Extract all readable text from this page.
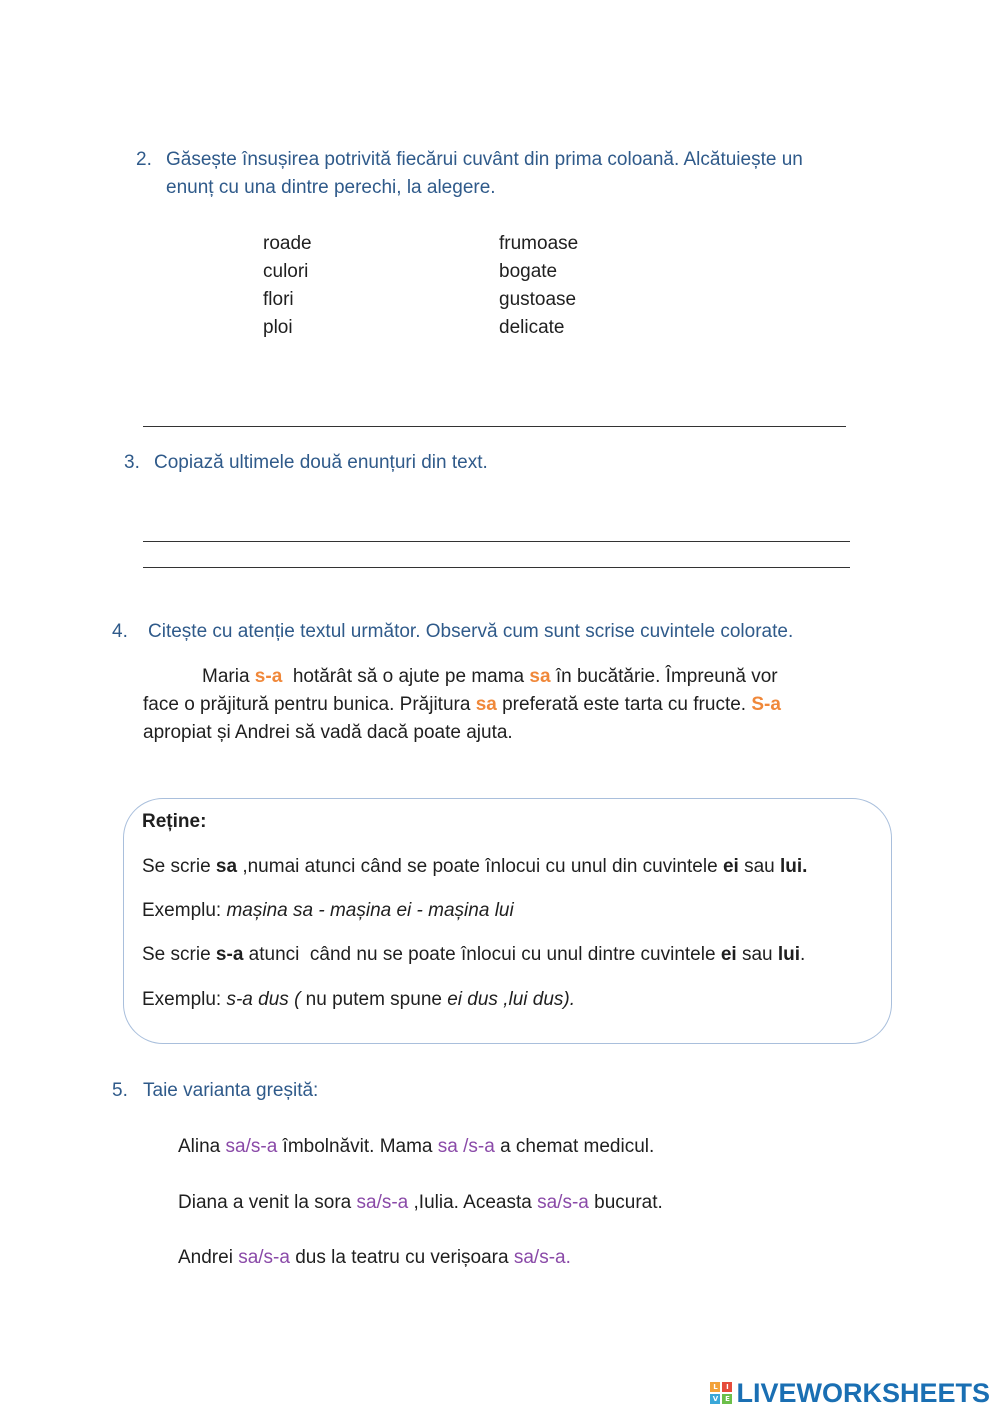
2. Găsește însușirea potrivită fiecărui cuvânt din prima coloană. Alcătuiește un
enunț cu una dintre perechi, la alegere.
roade
culori
flori
ploi
frumoase
bogate
gustoase
delicate
3. Copiază ultimele două enunțuri din text.
4. Citește cu atenție textul următor. Observă cum sunt scrise cuvintele colorate.
Maria s-a  hotărât să o ajute pe mama sa în bucătărie. Împreună vor
face o prăjitură pentru bunica. Prăjitura sa preferată este tarta cu fructe. S-a
apropiat și Andrei să vadă dacă poate ajuta.

Reține:

Se scrie sa ,numai atunci când se poate înlocui cu unul din cuvintele ei sau lui.

Exemplu: mașina sa - mașina ei - mașina lui

Se scrie s-a atunci  când nu se poate înlocui cu unul dintre cuvintele ei sau lui.

Exemplu: s-a dus ( nu putem spune ei dus ,lui dus).

5. Taie varianta greșită:
Alina sa/s-a îmbolnăvit. Mama sa /s-a a chemat medicul.
Diana a venit la sora sa/s-a ,Iulia. Aceasta sa/s-a bucurat.
Andrei sa/s-a dus la teatru cu verișoara sa/s-a.
L	I
V E LIVEWORKSHEETS
